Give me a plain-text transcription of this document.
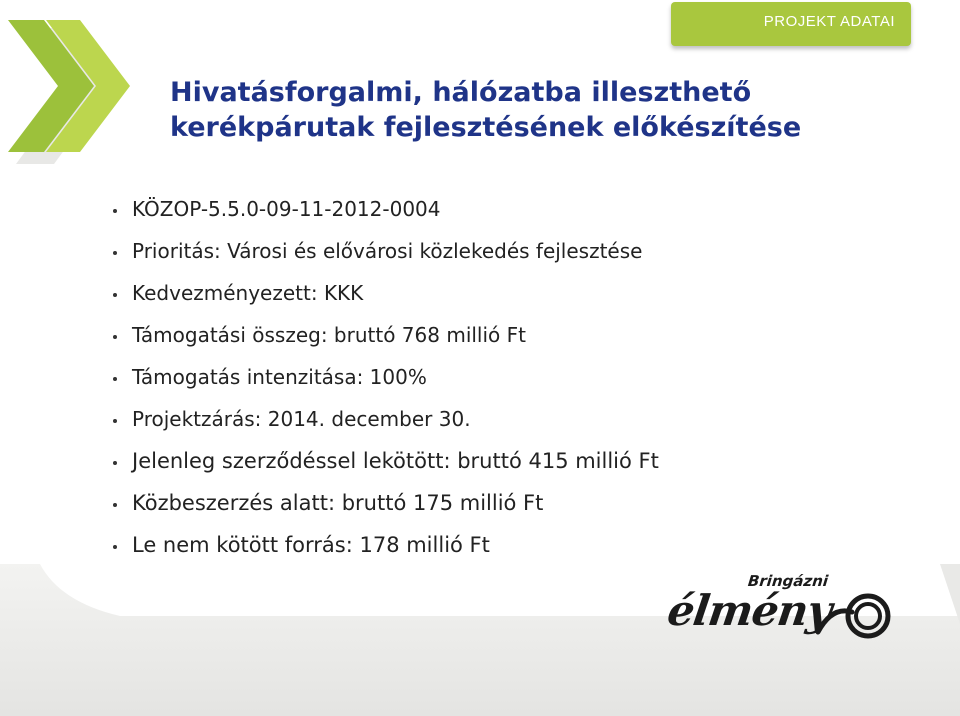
PROJEKT ADATAI
Hivatásforgalmi, hálózatba illeszthető
kerékpárutak fejlesztésének előkészítése
KÖZOP-5.5.0-09-11-2012-0004
Prioritás: Városi és elővárosi közlekedés fejlesztése
Kedvezményezett: KKK
Támogatási összeg: bruttó 768 millió Ft
Támogatás intenzitása: 100%
Projektzárás: 2014. december 30.
Jelenleg szerződéssel lekötött: bruttó 415 millió Ft
Közbeszerzés alatt: bruttó 175 millió Ft
Le nem kötött forrás: 178 millió Ft
Bringázni
élmény
